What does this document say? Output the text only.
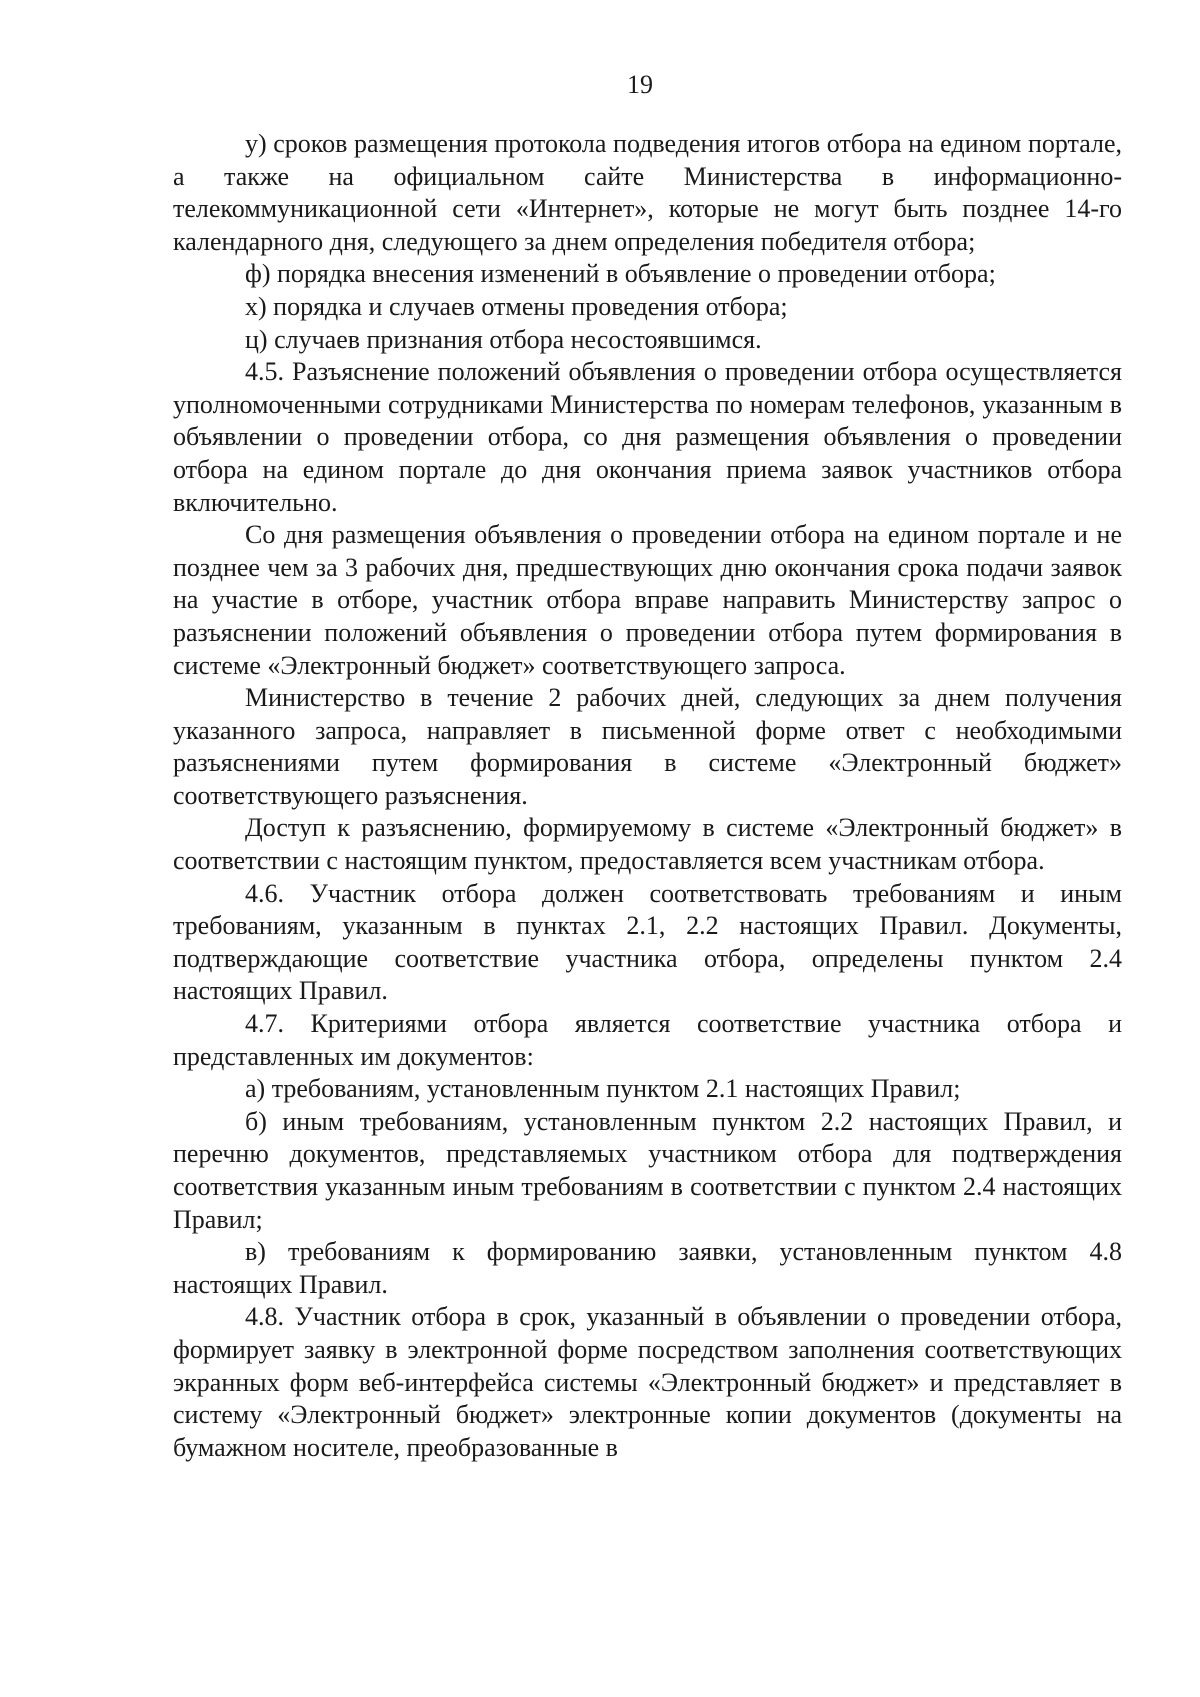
19

у) сроков размещения протокола подведения итогов отбора на едином портале, а также на официальном сайте Министерства в информационно-телекоммуникационной сети «Интернет», которые не могут быть позднее 14-го календарного дня, следующего за днем определения победителя отбора;

ф) порядка внесения изменений в объявление о проведении отбора;

х) порядка и случаев отмены проведения отбора;

ц) случаев признания отбора несостоявшимся.

4.5. Разъяснение положений объявления о проведении отбора осуществляется уполномоченными сотрудниками Министерства по номерам телефонов, указанным в объявлении о проведении отбора, со дня размещения объявления о проведении отбора на едином портале до дня окончания приема заявок участников отбора включительно.

Со дня размещения объявления о проведении отбора на едином портале и не позднее чем за 3 рабочих дня, предшествующих дню окончания срока подачи заявок на участие в отборе, участник отбора вправе направить Министерству запрос о разъяснении положений объявления о проведении отбора путем формирования в системе «Электронный бюджет» соответствующего запроса.

Министерство в течение 2 рабочих дней, следующих за днем получения указанного запроса, направляет в письменной форме ответ с необходимыми разъяснениями путем формирования в системе «Электронный бюджет» соответствующего разъяснения.

Доступ к разъяснению, формируемому в системе «Электронный бюджет» в соответствии с настоящим пунктом, предоставляется всем участникам отбора.

4.6. Участник отбора должен соответствовать требованиям и иным требованиям, указанным в пунктах 2.1, 2.2 настоящих Правил. Документы, подтверждающие соответствие участника отбора, определены пунктом 2.4 настоящих Правил.

4.7. Критериями отбора является соответствие участника отбора и представленных им документов:

а) требованиям, установленным пунктом 2.1 настоящих Правил;

б) иным требованиям, установленным пунктом 2.2 настоящих Правил, и перечню документов, представляемых участником отбора для подтверждения соответствия указанным иным требованиям в соответствии с пунктом 2.4 настоящих Правил;

в) требованиям к формированию заявки, установленным пунктом 4.8 настоящих Правил.

4.8. Участник отбора в срок, указанный в объявлении о проведении отбора, формирует заявку в электронной форме посредством заполнения соответствующих экранных форм веб-интерфейса системы «Электронный бюджет» и представляет в систему «Электронный бюджет» электронные копии документов (документы на бумажном носителе, преобразованные в
